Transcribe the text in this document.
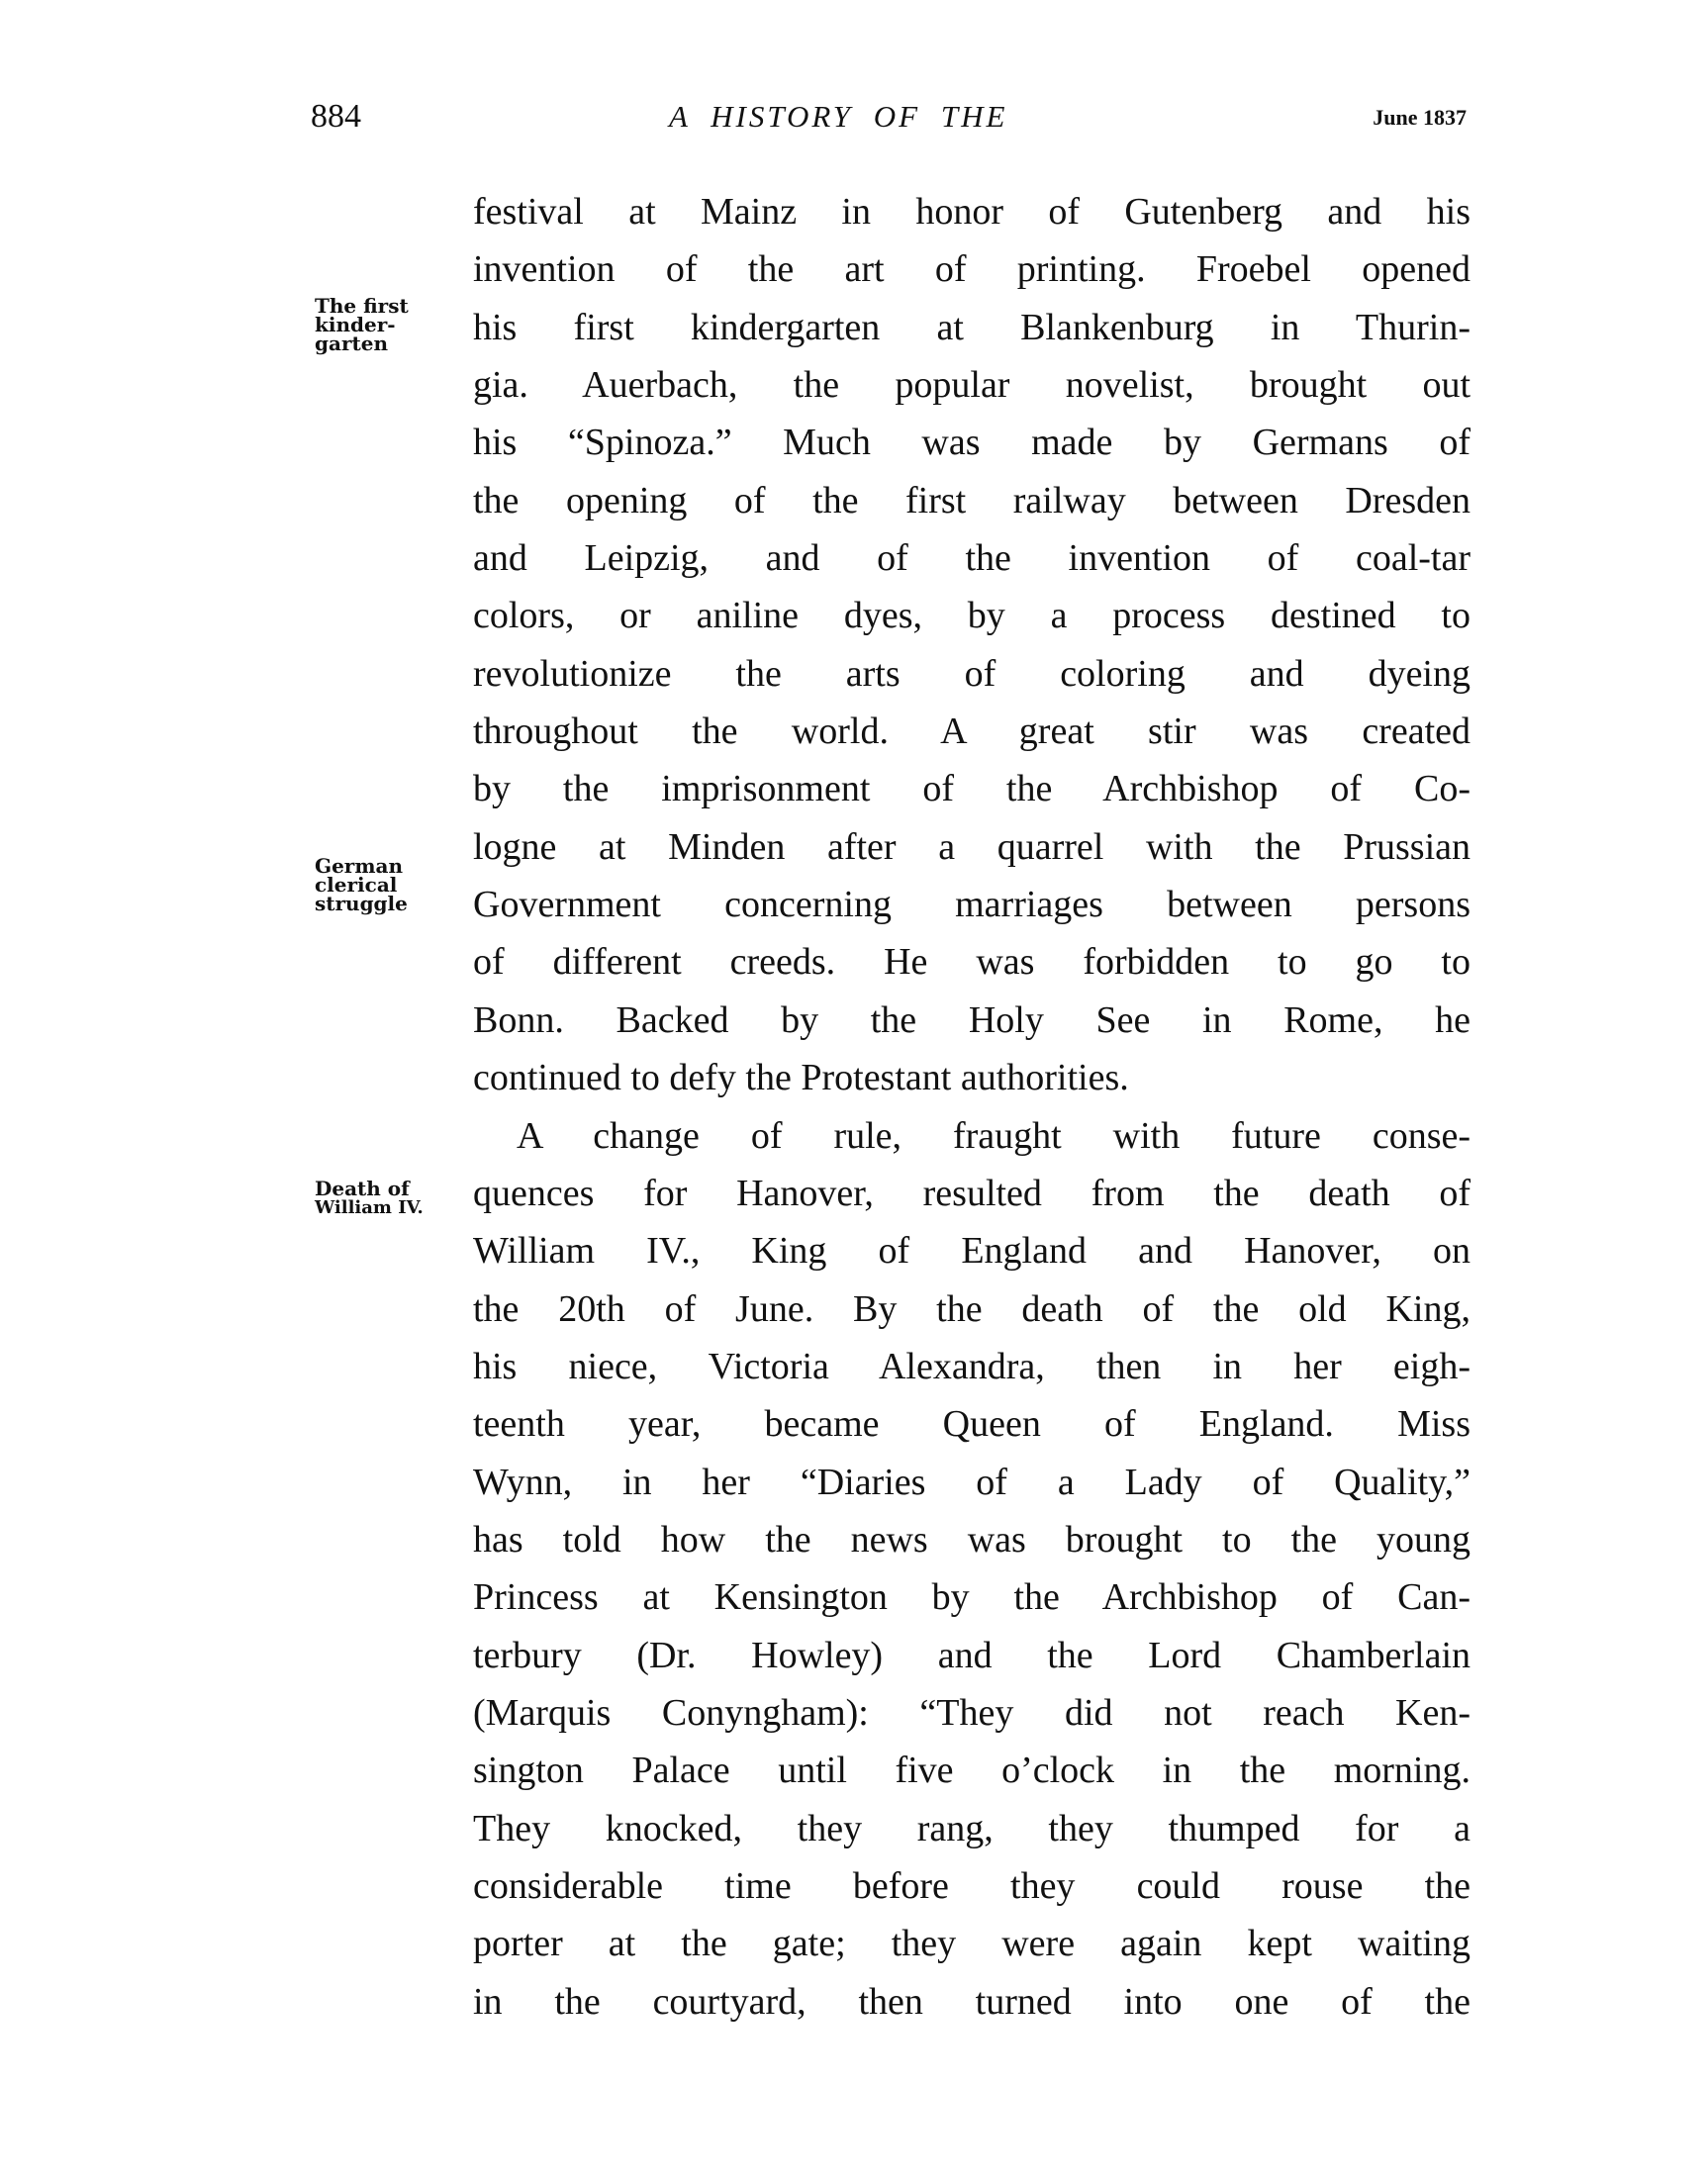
884	A HISTORY OF THE	June 1837
The first
kinder-
garten
German
clerical
struggle
Death of
William IV.
festival at Mainz in honor of Gutenberg and his
invention of the art of printing. Froebel opened
his first kindergarten at Blankenburg in Thurin-
gia. Auerbach, the popular novelist, brought out
his “Spinoza.” Much was made by Germans of
the opening of the first railway between Dresden
and Leipzig, and of the invention of coal-tar
colors, or aniline dyes, by a process destined to
revolutionize the arts of coloring and dyeing
throughout the world. A great stir was created
by the imprisonment of the Archbishop of Co-
logne at Minden after a quarrel with the Prussian
Government concerning marriages between persons
of different creeds. He was forbidden to go to
Bonn. Backed by the Holy See in Rome, he
continued to defy the Protestant authorities.
A change of rule, fraught with future conse-
quences for Hanover, resulted from the death of
William IV., King of England and Hanover, on
the 20th of June. By the death of the old King,
his niece, Victoria Alexandra, then in her eigh-
teenth year, became Queen of England. Miss
Wynn, in her “Diaries of a Lady of Quality,”
has told how the news was brought to the young
Princess at Kensington by the Archbishop of Can-
terbury (Dr. Howley) and the Lord Chamberlain
(Marquis Conyngham): “They did not reach Ken-
sington Palace until five o’clock in the morning.
They knocked, they rang, they thumped for a
considerable time before they could rouse the
porter at the gate; they were again kept waiting
in the courtyard, then turned into one of the
